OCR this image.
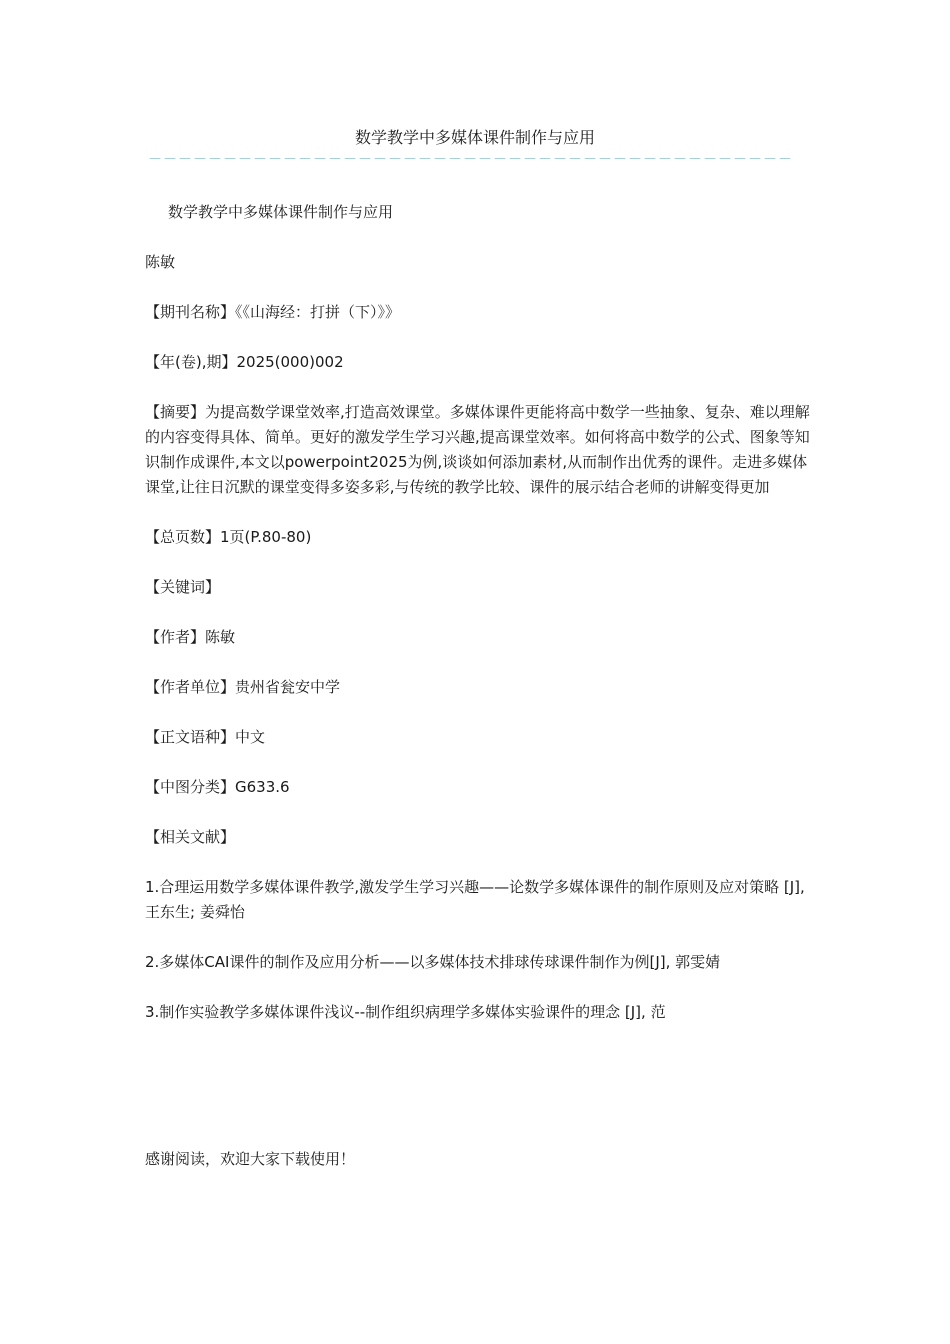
数学教学中多媒体课件制作与应用
－－－－－－－－－－－－－－－－－－－－－－－－－－－－－－－－－－－－－－－－－－－

数学教学中多媒体课件制作与应用

陈敏

【期刊名称】《《山海经：打拼（下）》》

【年(卷),期】2025(000)002

【摘要】为提高数学课堂效率,打造高效课堂。多媒体课件更能将高中数学一些抽象、复杂、难以理解的内容变得具体、简单。更好的激发学生学习兴趣,提高课堂效率。如何将高中数学的公式、图象等知识制作成课件,本文以powerpoint2025为例,谈谈如何添加素材,从而制作出优秀的课件。走进多媒体课堂,让往日沉默的课堂变得多姿多彩,与传统的教学比较、课件的展示结合老师的讲解变得更加

【总页数】1页(P.80-80)

【关键词】

【作者】陈敏

【作者单位】贵州省瓮安中学

【正文语种】中文

【中图分类】G633.6

【相关文献】

1.合理运用数学多媒体课件教学,激发学生学习兴趣——论数学多媒体课件的制作原则及应对策略 [J], 王东生; 姜舜怡

2.多媒体CAI课件的制作及应用分析——以多媒体技术排球传球课件制作为例[J], 郭雯婧

3.制作实验教学多媒体课件浅议--制作组织病理学多媒体实验课件的理念 [J], 范

感谢阅读，欢迎大家下载使用！
